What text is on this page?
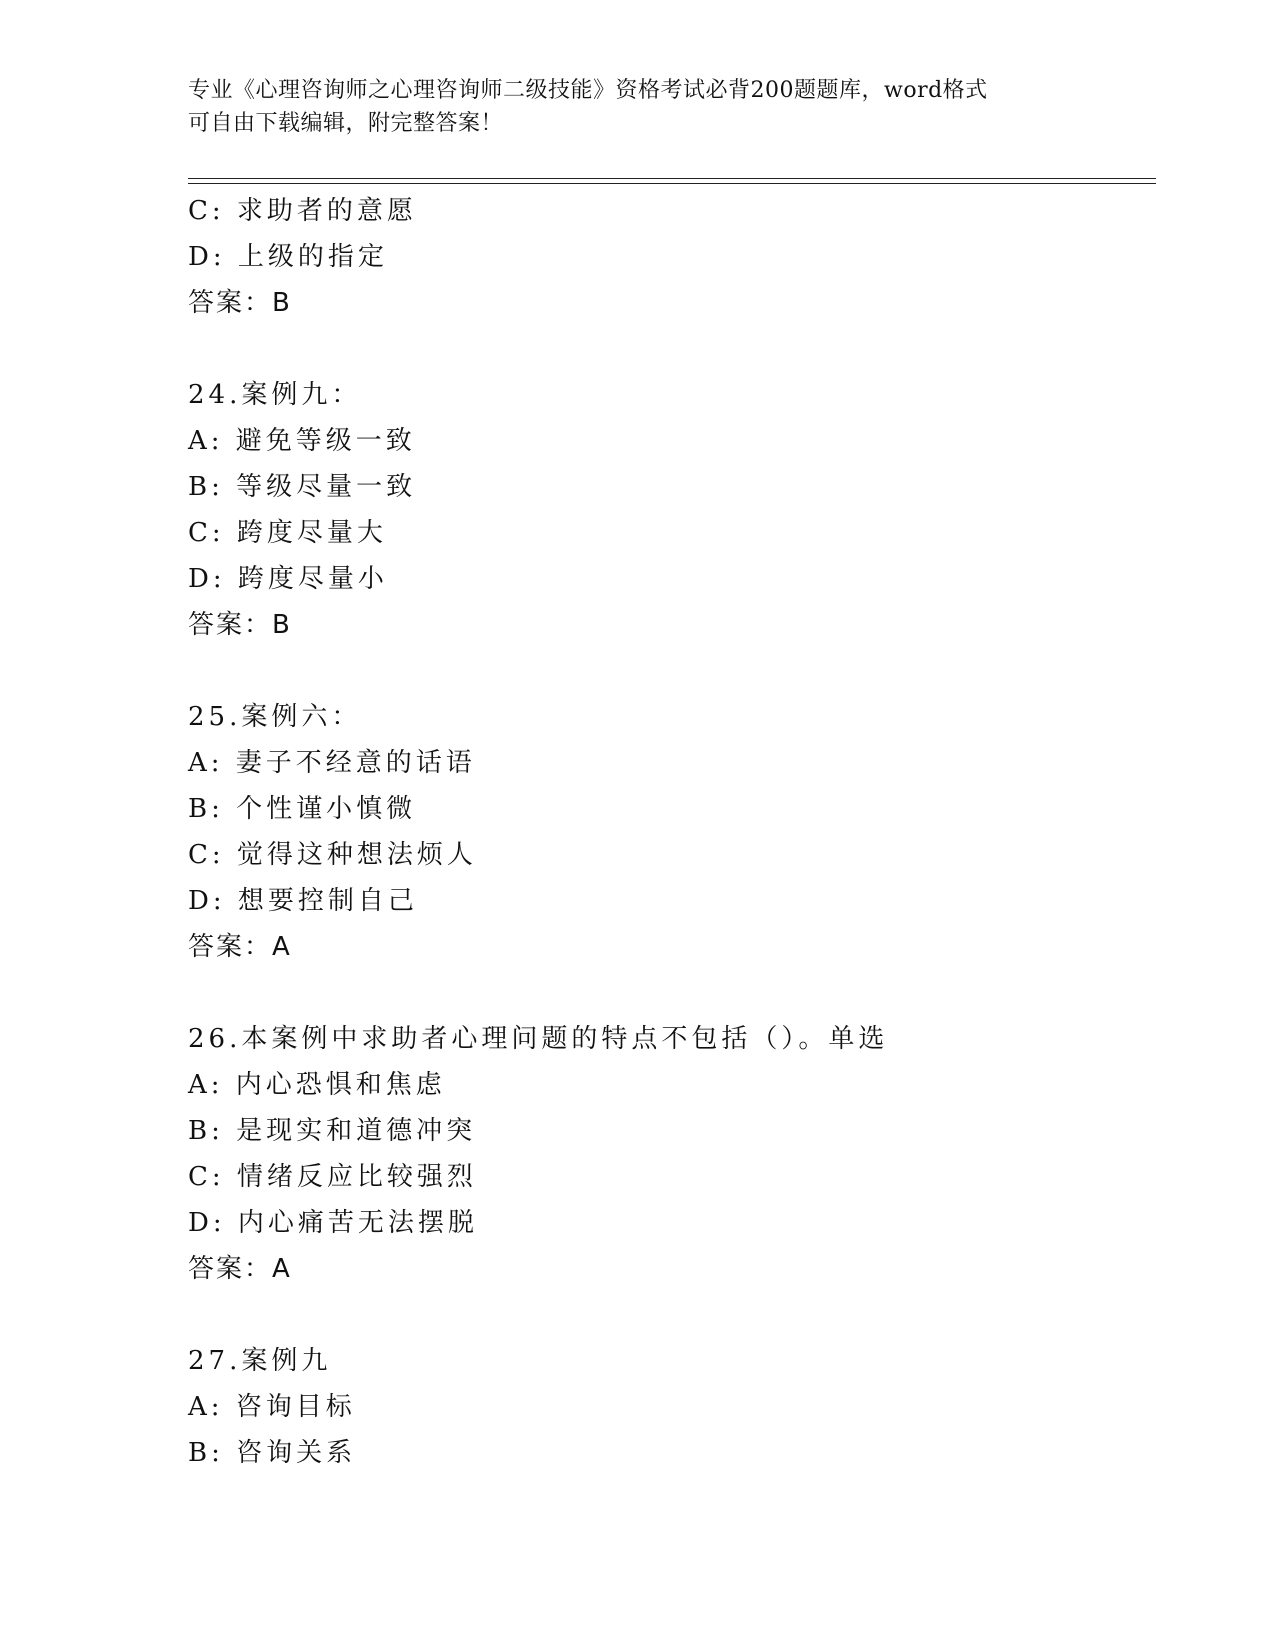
专业《心理咨询师之心理咨询师二级技能》资格考试必背200题题库，word格式
可自由下载编辑，附完整答案！
C: 求助者的意愿
D: 上级的指定
答案：B
24.案例九：
A: 避免等级一致
B: 等级尽量一致
C: 跨度尽量大
D: 跨度尽量小
答案：B
25.案例六：
A: 妻子不经意的话语
B: 个性谨小慎微
C: 觉得这种想法烦人
D: 想要控制自己
答案：A
26.本案例中求助者心理问题的特点不包括（）。单选
A: 内心恐惧和焦虑
B: 是现实和道德冲突
C: 情绪反应比较强烈
D: 内心痛苦无法摆脱
答案：A
27.案例九
A: 咨询目标
B: 咨询关系
